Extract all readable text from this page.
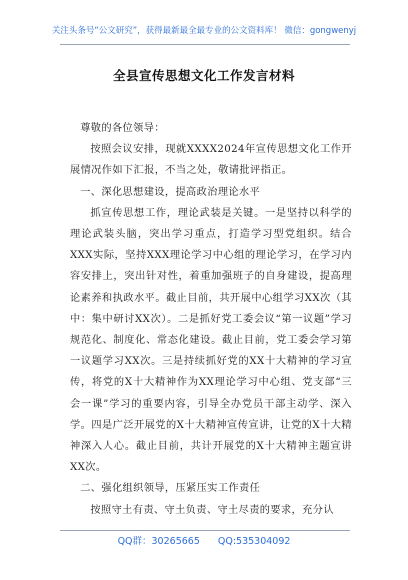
关注头条号“公文研究”，获得最新最全最专业的公文资料库！ 微信：gongwenyj
全县宣传思想文化工作发言材料

尊敬的各位领导：

按照会议安排，现就XXXX2024年宣传思想文化工作开展情况作如下汇报，不当之处，敬请批评指正。

一、深化思想建设，提高政治理论水平

抓宣传思想工作，理论武装是关键。一是坚持以科学的理论武装头脑，突出学习重点，打造学习型党组织。结合XXX实际，坚持XXX理论学习中心组的理论学习，在学习内容安排上，突出针对性，着重加强班子的自身建设，提高理论素养和执政水平。截止目前，共开展中心组学习XX次（其中：集中研讨XX次）。二是抓好党工委会议“第一议题”学习规范化、制度化、常态化建设。截止目前，党工委会学习第一议题学习XX次。三是持续抓好党的XX十大精神的学习宣传，将党的X十大精神作为XX理论学习中心组、党支部“三会一课”学习的重要内容，引导全办党员干部主动学、深入学。四是广泛开展党的X十大精神宣传宣讲，让党的X十大精神深入人心。截止目前，共计开展党的X十大精神主题宣讲XX次。

二、强化组织领导，压紧压实工作责任

按照守土有责、守土负责、守土尽责的要求，充分认

QQ群：30265665 QQ:535304092
